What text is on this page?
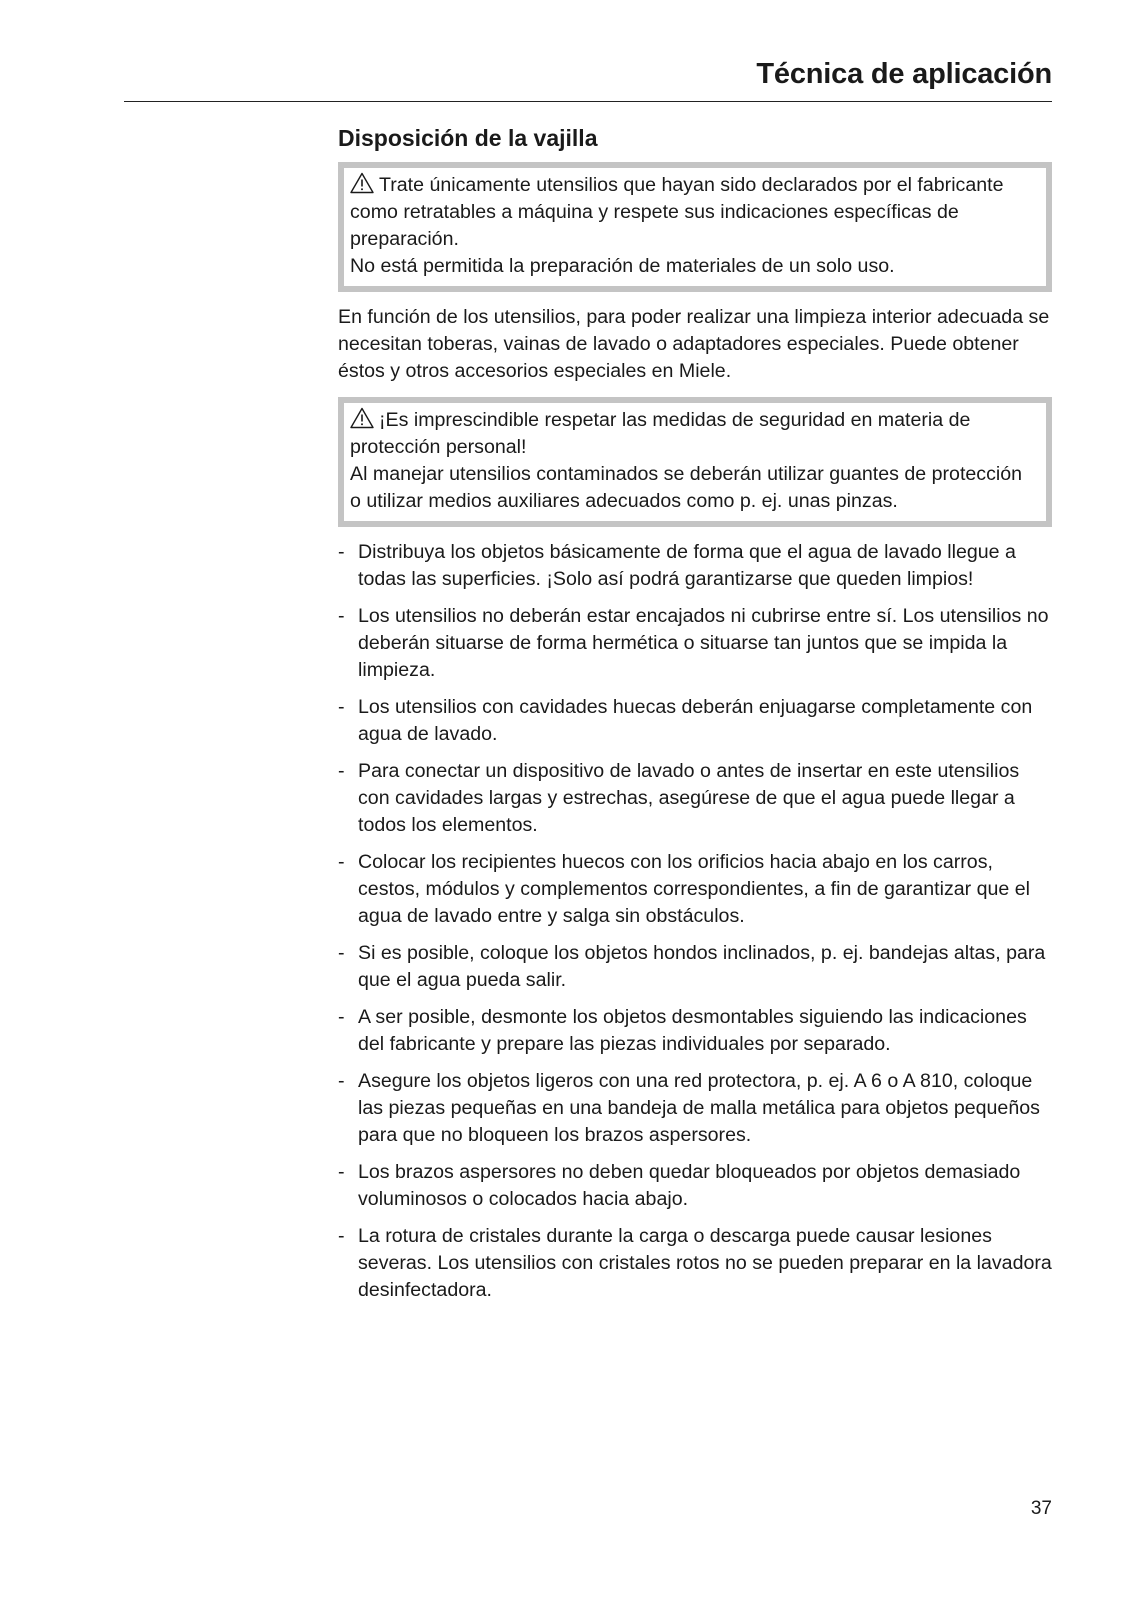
Técnica de aplicación
Disposición de la vajilla

Trate únicamente utensilios que hayan sido declarados por el fabricante como retratables a máquina y respete sus indicaciones específicas de preparación.

No está permitida la preparación de materiales de un solo uso.

En función de los utensilios, para poder realizar una limpieza interior adecuada se necesitan toberas, vainas de lavado o adaptadores especiales. Puede obtener éstos y otros accesorios especiales en Miele.

¡Es imprescindible respetar las medidas de seguridad en materia de protección personal!

Al manejar utensilios contaminados se deberán utilizar guantes de protección o utilizar medios auxiliares adecuados como p. ej. unas pinzas.

- Distribuya los objetos básicamente de forma que el agua de lavado llegue a todas las superficies. ¡Solo así podrá garantizarse que queden limpios!
- Los utensilios no deberán estar encajados ni cubrirse entre sí. Los utensilios no deberán situarse de forma hermética o situarse tan juntos que se impida la limpieza.
- Los utensilios con cavidades huecas deberán enjuagarse completamente con agua de lavado.
- Para conectar un dispositivo de lavado o antes de insertar en este utensilios con cavidades largas y estrechas, asegúrese de que el agua puede llegar a todos los elementos.
- Colocar los recipientes huecos con los orificios hacia abajo en los carros, cestos, módulos y complementos correspondientes, a fin de garantizar que el agua de lavado entre y salga sin obstáculos.
- Si es posible, coloque los objetos hondos inclinados, p. ej. bandejas altas, para que el agua pueda salir.
- A ser posible, desmonte los objetos desmontables siguiendo las indicaciones del fabricante y prepare las piezas individuales por separado.
- Asegure los objetos ligeros con una red protectora, p. ej. A 6 o A 810, coloque las piezas pequeñas en una bandeja de malla metálica para objetos pequeños para que no bloqueen los brazos aspersores.
- Los brazos aspersores no deben quedar bloqueados por objetos demasiado voluminosos o colocados hacia abajo.
- La rotura de cristales durante la carga o descarga puede causar lesiones severas. Los utensilios con cristales rotos no se pueden preparar en la lavadora desinfectadora.
37
